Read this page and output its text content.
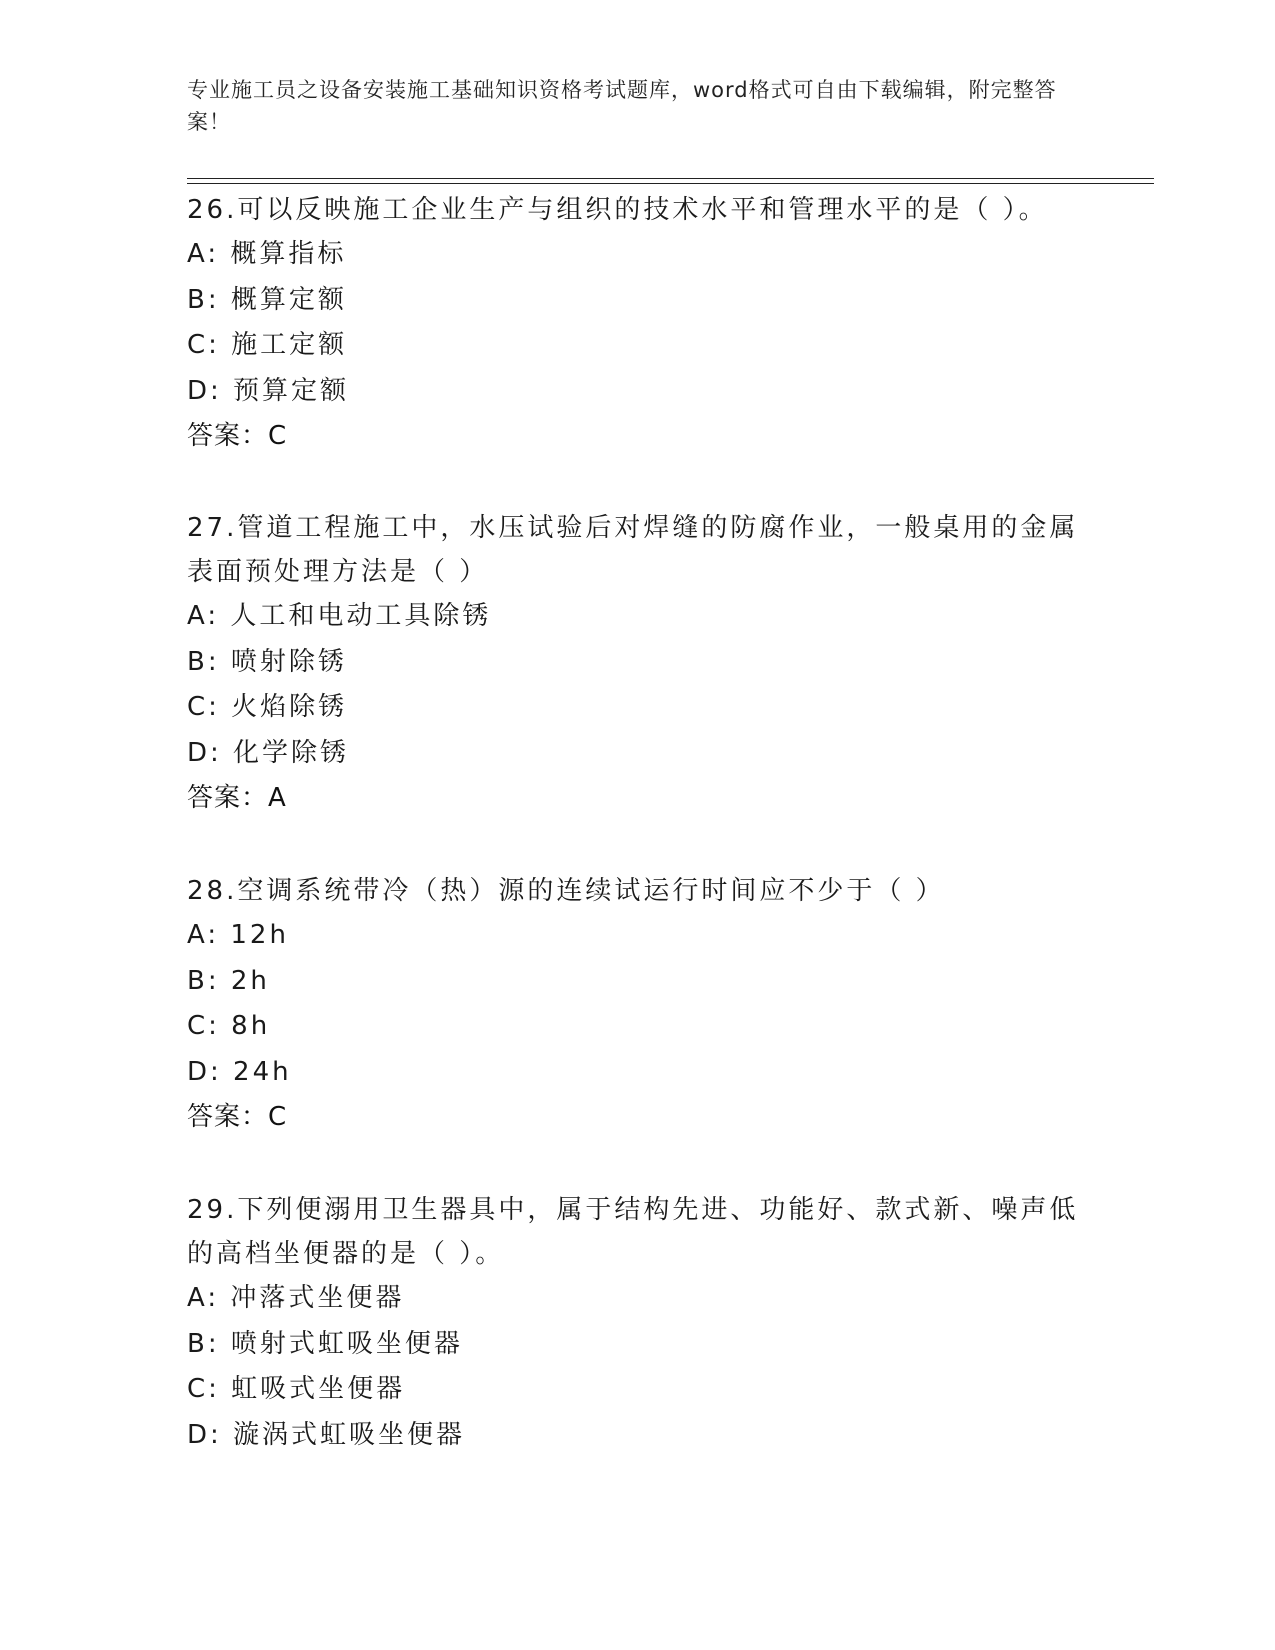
专业施工员之设备安装施工基础知识资格考试题库，word格式可自由下载编辑，附完整答案！
26.可以反映施工企业生产与组织的技术水平和管理水平的是（ ）。
A: 概算指标
B: 概算定额
C: 施工定额
D: 预算定额
答案：C
27.管道工程施工中，水压试验后对焊缝的防腐作业，一般桌用的金属表面预处理方法是（ ）
A: 人工和电动工具除锈
B: 喷射除锈
C: 火焰除锈
D: 化学除锈
答案：A
28.空调系统带冷（热）源的连续试运行时间应不少于（ ）
A: 12h
B: 2h
C: 8h
D: 24h
答案：C
29.下列便溺用卫生器具中，属于结构先进、功能好、款式新、噪声低的高档坐便器的是（ ）。
A: 冲落式坐便器
B: 喷射式虹吸坐便器
C: 虹吸式坐便器
D: 漩涡式虹吸坐便器
